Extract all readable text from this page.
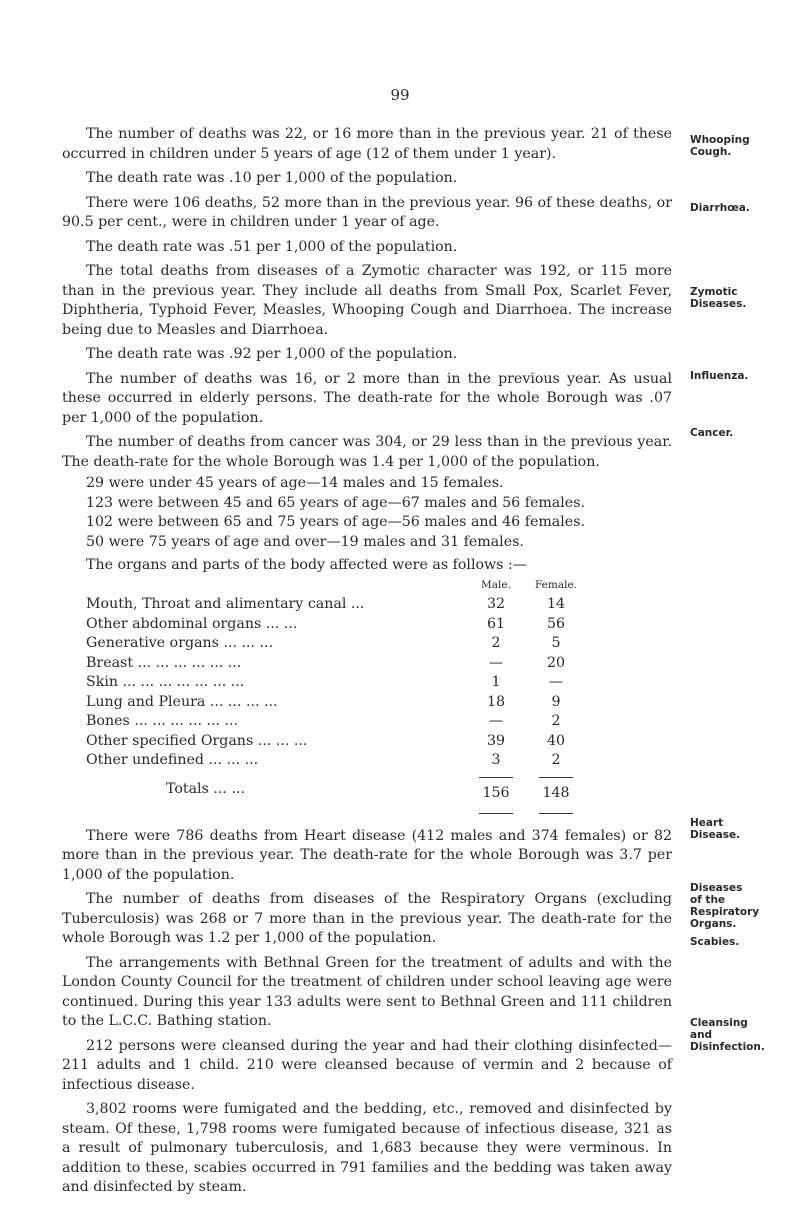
99
Whooping
Cough.
Diarrhœa.
Zymotic
Diseases.
Influenza.
Cancer.
Heart
Disease.
Diseases
of the
Respiratory
Organs.
Scabies.
Cleansing
and
Disinfection.

The number of deaths was 22, or 16 more than in the previous year. 21 of these occurred in children under 5 years of age (12 of them under 1 year).

The death rate was .10 per 1,000 of the population.

There were 106 deaths, 52 more than in the previous year. 96 of these deaths, or 90.5 per cent., were in children under 1 year of age.

The death rate was .51 per 1,000 of the population.

The total deaths from diseases of a Zymotic character was 192, or 115 more than in the previous year. They include all deaths from Small Pox, Scarlet Fever, Diphtheria, Typhoid Fever, Measles, Whooping Cough and Diarrhoea. The increase being due to Measles and Diarrhoea.

The death rate was .92 per 1,000 of the population.

The number of deaths was 16, or 2 more than in the previous year. As usual these occurred in elderly persons. The death-rate for the whole Borough was .07 per 1,000 of the population.

The number of deaths from cancer was 304, or 29 less than in the previous year. The death-rate for the whole Borough was 1.4 per 1,000 of the population.

29 were under 45 years of age—14 males and 15 females.
123 were between 45 and 65 years of age—67 males and 56 females.
102 were between 65 and 75 years of age—56 males and 46 females.
50 were 75 years of age and over—19 males and 31 females.

The organs and parts of the body affected were as follows :—

	Male.	Female.
Mouth, Throat and alimentary canal ...	32	14
Other abdominal organs ... ...	61	56
Generative organs ... ... ...	2	5
Breast ... ... ... ... ... ...	—	20
Skin ... ... ... ... ... ... ...	1	—
Lung and Pleura ... ... ... ...	18	9
Bones ... ... ... ... ... ...	—	2
Other specified Organs ... ... ...	39	40
Other undefined ... ... ...	3	2
Totals ... ...	156	148

There were 786 deaths from Heart disease (412 males and 374 females) or 82 more than in the previous year. The death-rate for the whole Borough was 3.7 per 1,000 of the population.

The number of deaths from diseases of the Respiratory Organs (excluding Tuberculosis) was 268 or 7 more than in the previous year. The death-rate for the whole Borough was 1.2 per 1,000 of the population.

The arrangements with Bethnal Green for the treatment of adults and with the London County Council for the treatment of children under school leaving age were continued. During this year 133 adults were sent to Bethnal Green and 111 children to the L.C.C. Bathing station.

212 persons were cleansed during the year and had their clothing disinfected—211 adults and 1 child. 210 were cleansed because of vermin and 2 because of infectious disease.

3,802 rooms were fumigated and the bedding, etc., removed and disinfected by steam. Of these, 1,798 rooms were fumigated because of infectious disease, 321 as a result of pulmonary tuberculosis, and 1,683 because they were verminous. In addition to these, scabies occurred in 791 families and the bedding was taken away and disinfected by steam.
